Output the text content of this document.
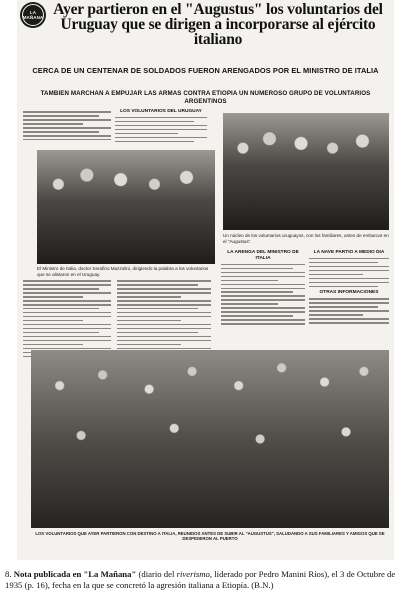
LA MAÑANA Ayer partieron en el "Augustus" los voluntarios del Uruguay que se dirigen a incorporarse al ejército italiano

CERCA DE UN CENTENAR DE SOLDADOS FUERON ARENGADOS POR EL MINISTRO DE ITALIA

TAMBIEN MARCHAN A EMPUJAR LAS ARMAS CONTRA ETIOPIA UN NUMEROSO GRUPO DE VOLUNTARIOS ARGENTINOS

LOS VOLUNTARIOS DEL URUGUAY

El Ministro de Italia, doctor Serafino Mazzolini, dirigiendo la palabra a los voluntarios que se alistaron en el Uruguay.

Un núcleo de los voluntarios uruguayos, con los familiares, antes de embarcar en el "Augustus".

LA ARENGA DEL MINISTRO DE ITALIA

LA NAVE PARTIO A MEDIO DIA

OTRAS INFORMACIONES

LOS VOLUNTARIOS QUE AYER PARTIERON CON DESTINO A ITALIA, REUNIDOS ANTES DE SUBIR AL "AUGUSTUS", SALUDANDO A SUS FAMILIARES Y AMIGOS QUE SE DESPIDIERON AL PUERTO

8. Nota publicada en "La Mañana" (diario del riverismo, liderado por Pedro Manini Ríos), el 3 de Octubre de 1935 (p. 16), fecha en la que se concretó la agresión italiana a Etiopía. (B.N.)
